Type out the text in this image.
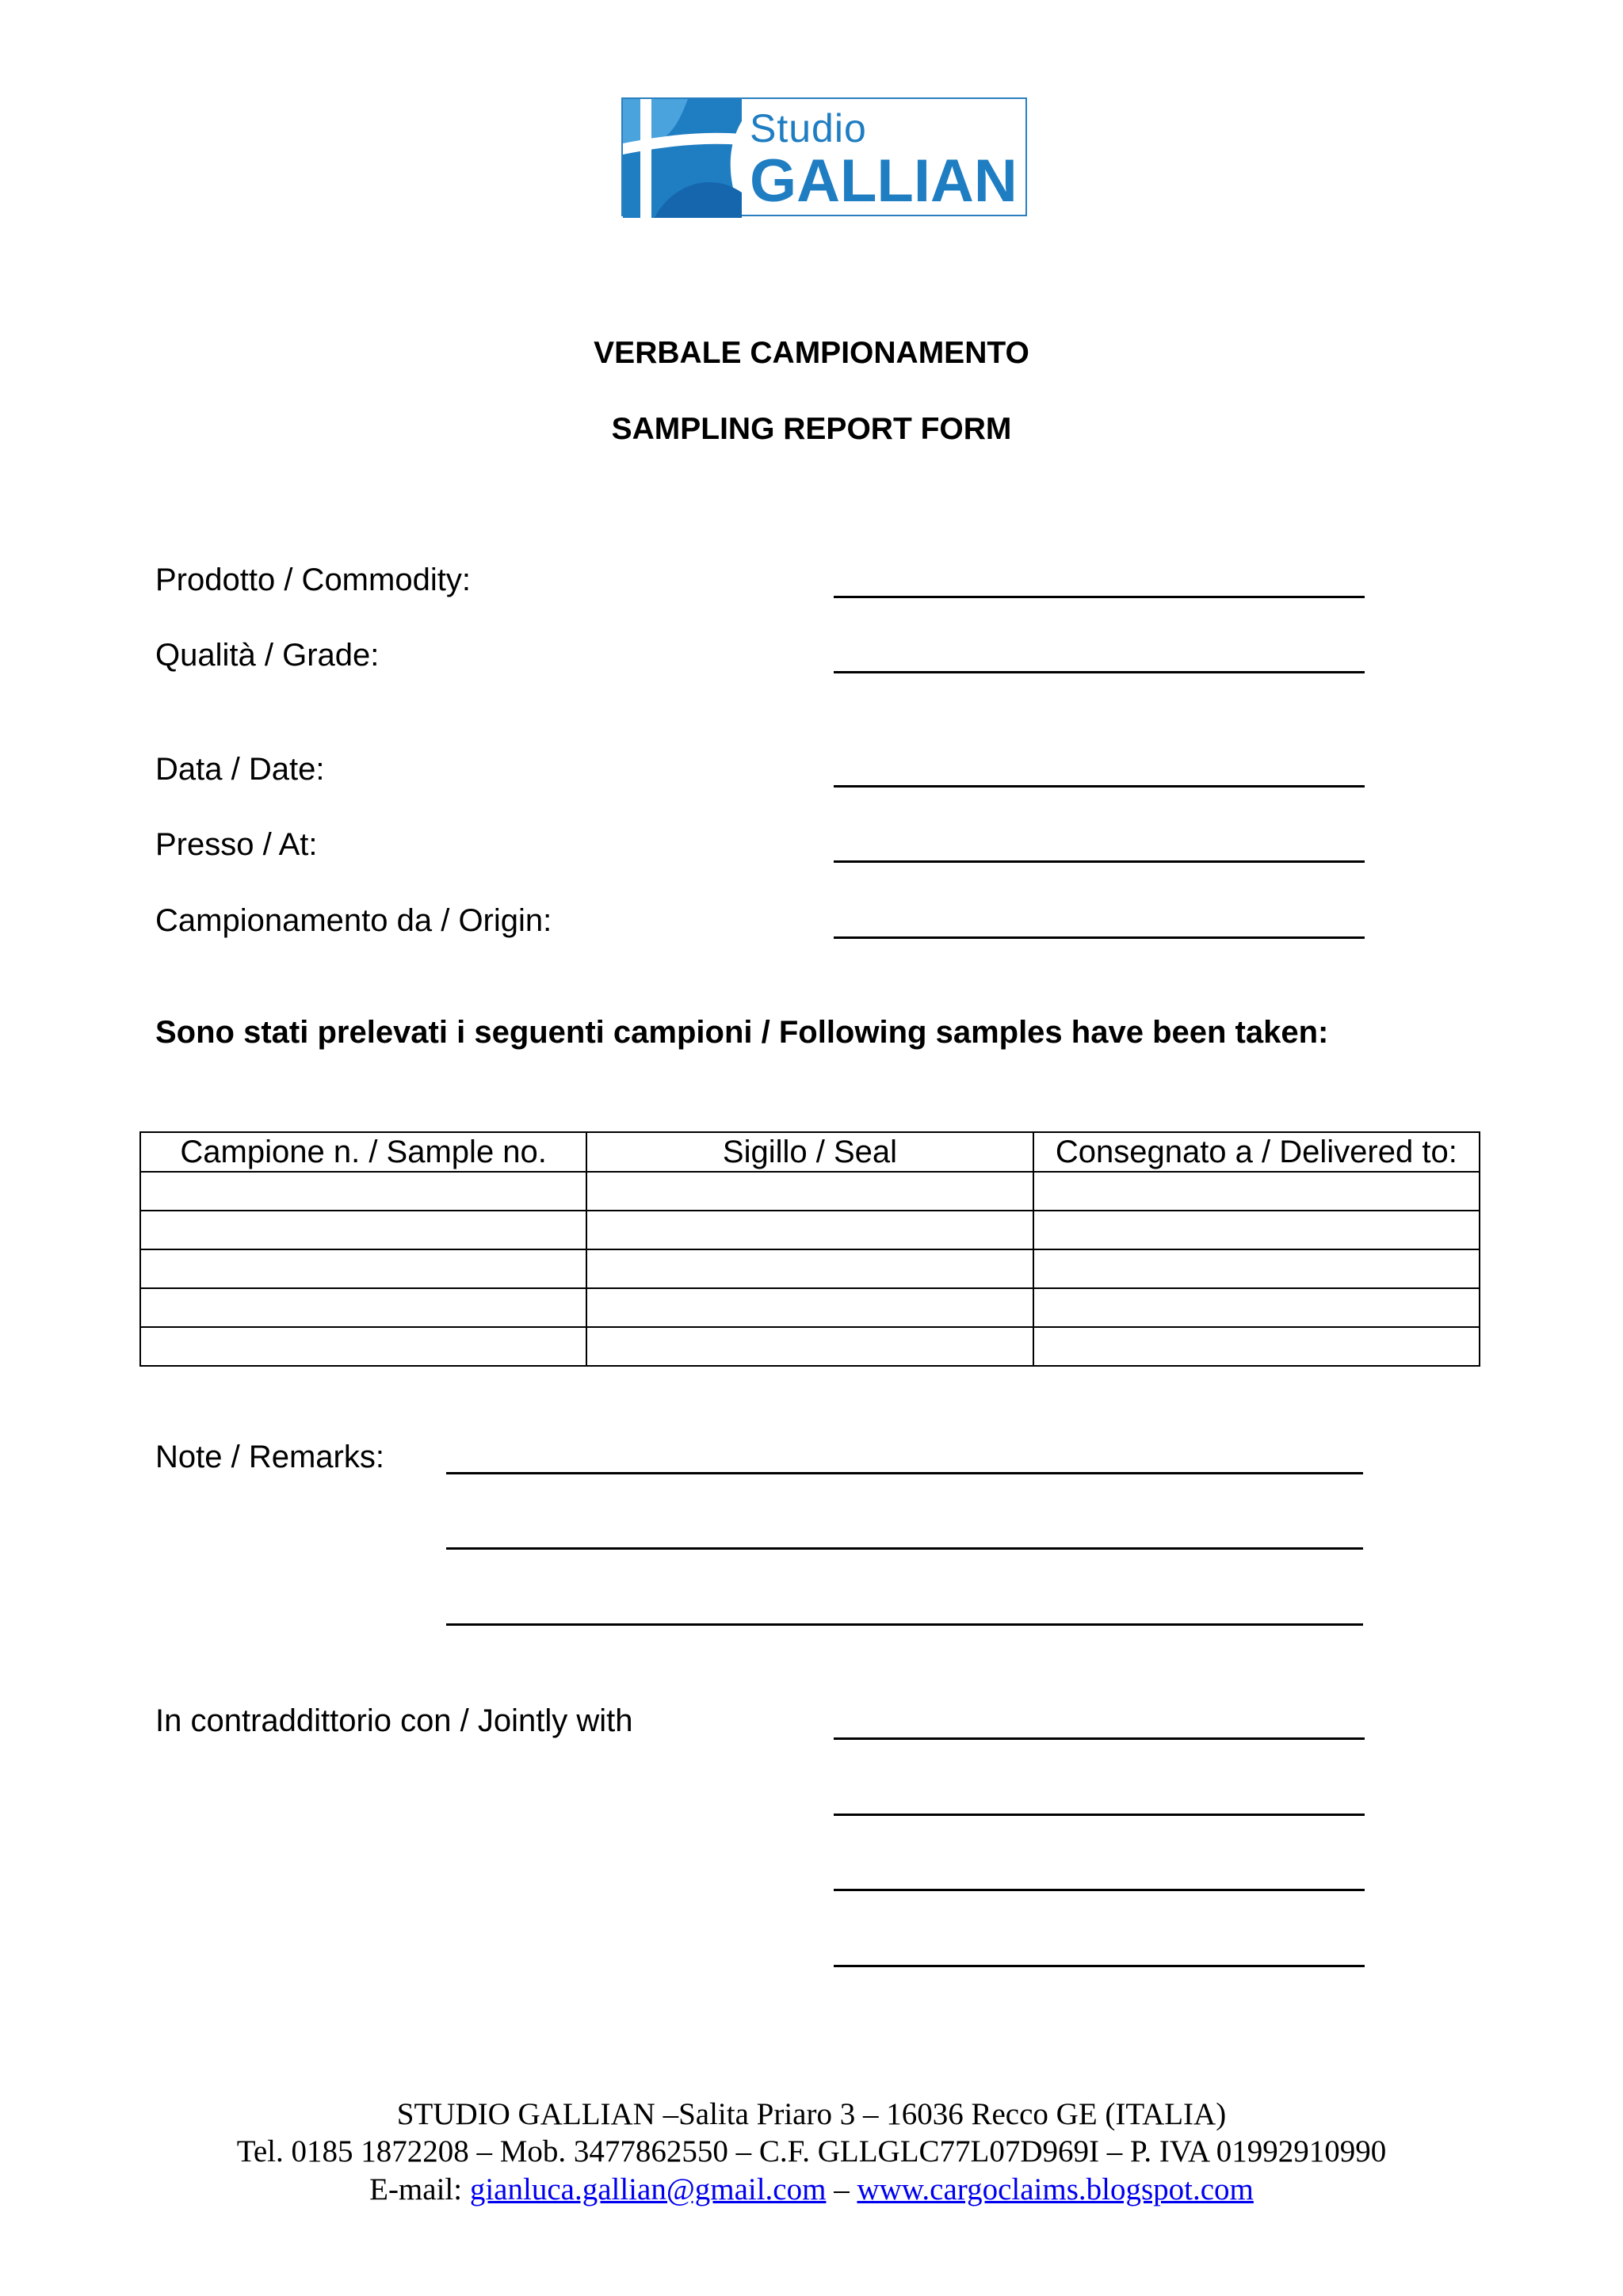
Studio
GALLIAN
VERBALE CAMPIONAMENTO
SAMPLING REPORT FORM
Prodotto / Commodity:
Qualità / Grade:
Data / Date:
Presso / At:
Campionamento da / Origin:
Sono stati prelevati i seguenti campioni / Following samples have been taken:
Campione n. / Sample no.	Sigillo / Seal	Consegnato a / Delivered to:

Note / Remarks:
In contraddittorio con / Jointly with
STUDIO GALLIAN –Salita Priaro 3 – 16036 Recco GE (ITALIA)
Tel. 0185 1872208 – Mob. 3477862550 – C.F. GLLGLC77L07D969I – P. IVA 01992910990
E-mail: gianluca.gallian@gmail.com – www.cargoclaims.blogspot.com
